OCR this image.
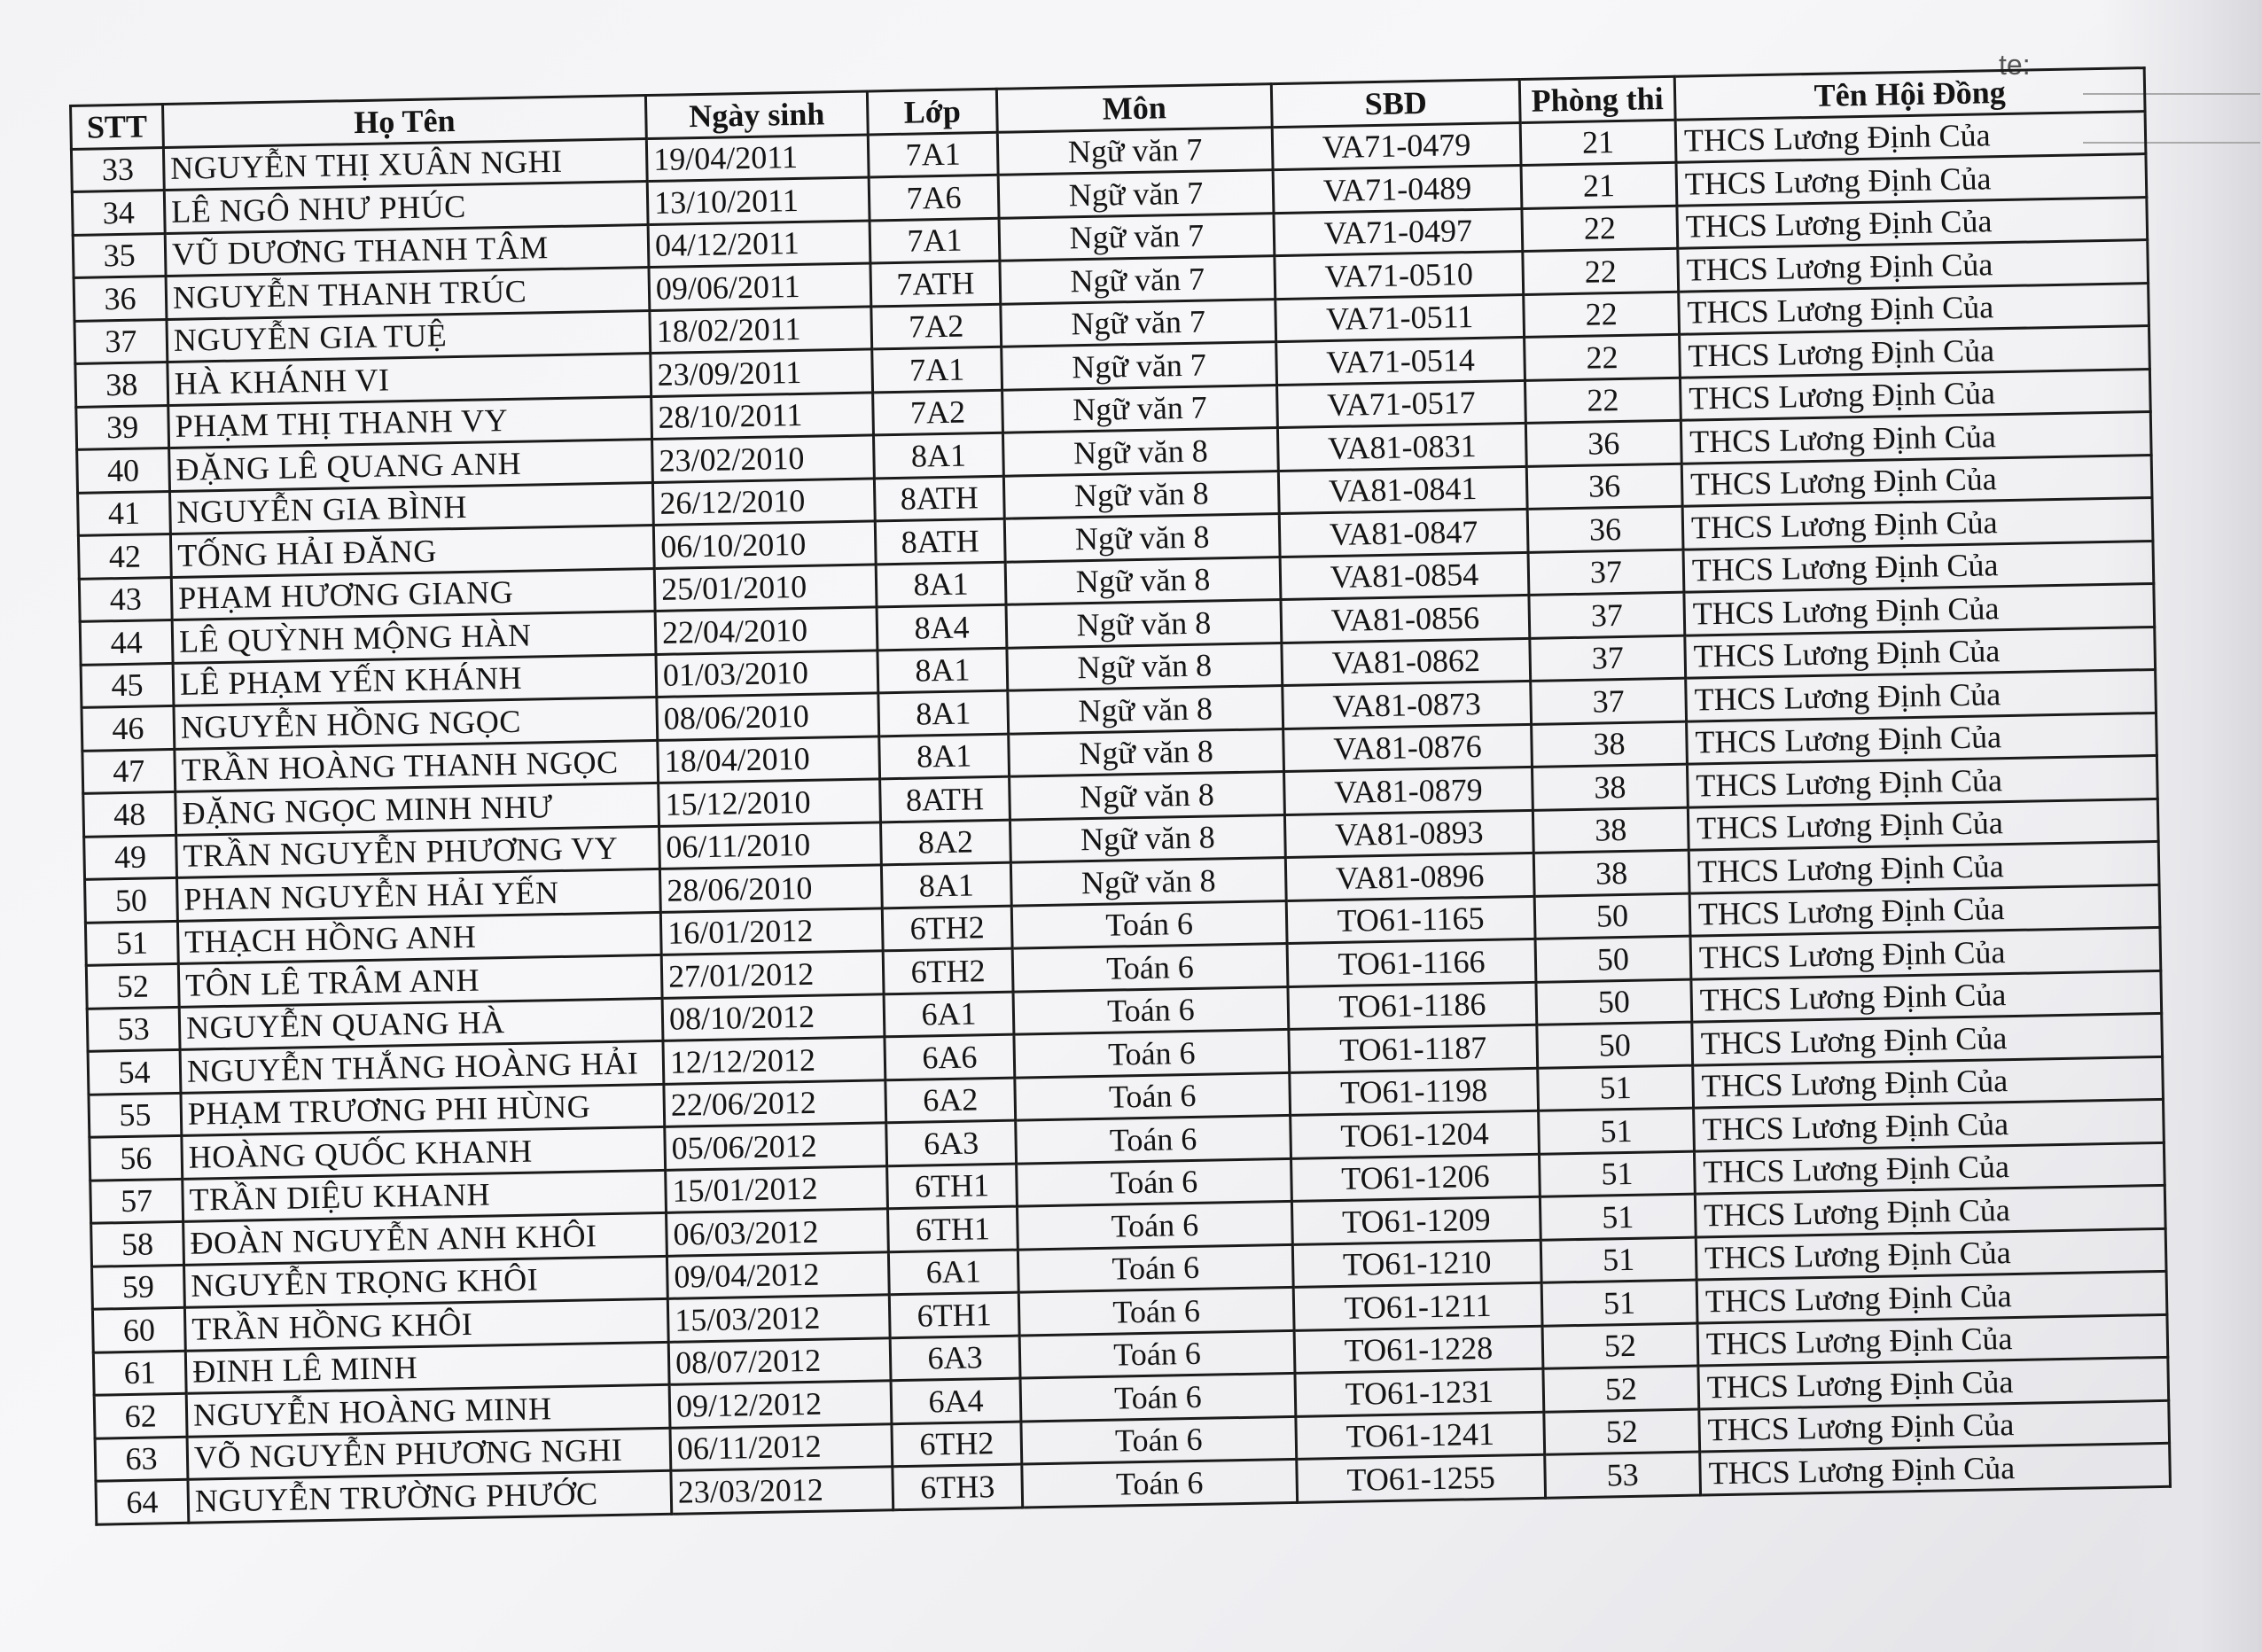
te:
STT	Họ Tên	Ngày sinh	Lớp	Môn	SBD	Phòng thi	Tên Hội Đồng
33	NGUYỄN THỊ XUÂN NGHI	19/04/2011	7A1	Ngữ văn 7	VA71-0479	21	THCS Lương Định Của
34	LÊ NGÔ NHƯ PHÚC	13/10/2011	7A6	Ngữ văn 7	VA71-0489	21	THCS Lương Định Của
35	VŨ DƯƠNG THANH TÂM	04/12/2011	7A1	Ngữ văn 7	VA71-0497	22	THCS Lương Định Của
36	NGUYỄN THANH TRÚC	09/06/2011	7ATH	Ngữ văn 7	VA71-0510	22	THCS Lương Định Của
37	NGUYỄN GIA TUỆ	18/02/2011	7A2	Ngữ văn 7	VA71-0511	22	THCS Lương Định Của
38	HÀ KHÁNH VI	23/09/2011	7A1	Ngữ văn 7	VA71-0514	22	THCS Lương Định Của
39	PHẠM THỊ THANH VY	28/10/2011	7A2	Ngữ văn 7	VA71-0517	22	THCS Lương Định Của
40	ĐẶNG LÊ QUANG ANH	23/02/2010	8A1	Ngữ văn 8	VA81-0831	36	THCS Lương Định Của
41	NGUYỄN GIA BÌNH	26/12/2010	8ATH	Ngữ văn 8	VA81-0841	36	THCS Lương Định Của
42	TỐNG HẢI ĐĂNG	06/10/2010	8ATH	Ngữ văn 8	VA81-0847	36	THCS Lương Định Của
43	PHẠM HƯƠNG GIANG	25/01/2010	8A1	Ngữ văn 8	VA81-0854	37	THCS Lương Định Của
44	LÊ QUỲNH MỘNG HÀN	22/04/2010	8A4	Ngữ văn 8	VA81-0856	37	THCS Lương Định Của
45	LÊ PHẠM YẾN KHÁNH	01/03/2010	8A1	Ngữ văn 8	VA81-0862	37	THCS Lương Định Của
46	NGUYỄN HỒNG NGỌC	08/06/2010	8A1	Ngữ văn 8	VA81-0873	37	THCS Lương Định Của
47	TRẦN HOÀNG THANH NGỌC	18/04/2010	8A1	Ngữ văn 8	VA81-0876	38	THCS Lương Định Của
48	ĐẶNG NGỌC MINH NHƯ	15/12/2010	8ATH	Ngữ văn 8	VA81-0879	38	THCS Lương Định Của
49	TRẦN NGUYỄN PHƯƠNG VY	06/11/2010	8A2	Ngữ văn 8	VA81-0893	38	THCS Lương Định Của
50	PHAN NGUYỄN HẢI YẾN	28/06/2010	8A1	Ngữ văn 8	VA81-0896	38	THCS Lương Định Của
51	THẠCH HỒNG ANH	16/01/2012	6TH2	Toán 6	TO61-1165	50	THCS Lương Định Của
52	TÔN LÊ TRÂM ANH	27/01/2012	6TH2	Toán 6	TO61-1166	50	THCS Lương Định Của
53	NGUYỄN QUANG HÀ	08/10/2012	6A1	Toán 6	TO61-1186	50	THCS Lương Định Của
54	NGUYỄN THẮNG HOÀNG HẢI	12/12/2012	6A6	Toán 6	TO61-1187	50	THCS Lương Định Của
55	PHẠM TRƯƠNG PHI HÙNG	22/06/2012	6A2	Toán 6	TO61-1198	51	THCS Lương Định Của
56	HOÀNG QUỐC KHANH	05/06/2012	6A3	Toán 6	TO61-1204	51	THCS Lương Định Của
57	TRẦN DIỆU KHANH	15/01/2012	6TH1	Toán 6	TO61-1206	51	THCS Lương Định Của
58	ĐOÀN NGUYỄN ANH KHÔI	06/03/2012	6TH1	Toán 6	TO61-1209	51	THCS Lương Định Của
59	NGUYỄN TRỌNG KHÔI	09/04/2012	6A1	Toán 6	TO61-1210	51	THCS Lương Định Của
60	TRẦN HỒNG KHÔI	15/03/2012	6TH1	Toán 6	TO61-1211	51	THCS Lương Định Của
61	ĐINH LÊ MINH	08/07/2012	6A3	Toán 6	TO61-1228	52	THCS Lương Định Của
62	NGUYỄN HOÀNG MINH	09/12/2012	6A4	Toán 6	TO61-1231	52	THCS Lương Định Của
63	VÕ NGUYỄN PHƯƠNG NGHI	06/11/2012	6TH2	Toán 6	TO61-1241	52	THCS Lương Định Của
64	NGUYỄN TRƯỜNG PHƯỚC	23/03/2012	6TH3	Toán 6	TO61-1255	53	THCS Lương Định Của
